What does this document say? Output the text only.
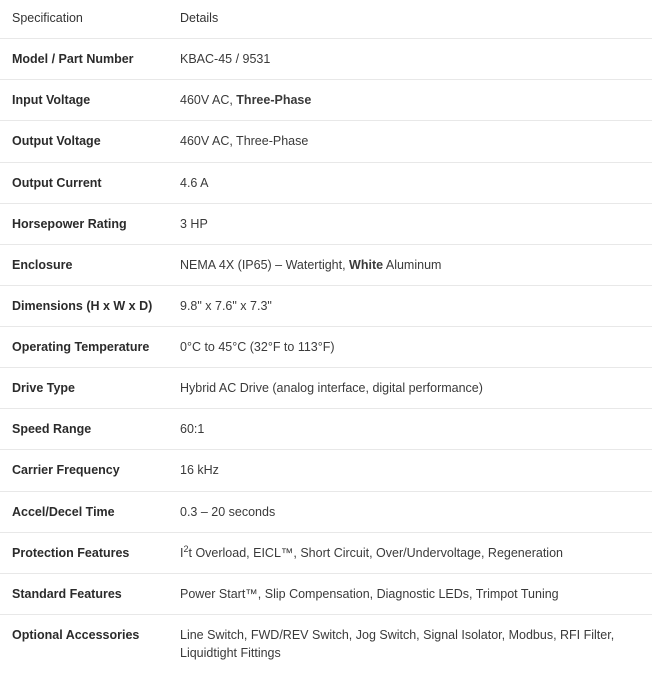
Specification	Details
Model / Part Number	KBAC-45 / 9531
Input Voltage	460V AC, Three-Phase
Output Voltage	460V AC, Three-Phase
Output Current	4.6 A
Horsepower Rating	3 HP
Enclosure	NEMA 4X (IP65) – Watertight, White Aluminum
Dimensions (H x W x D)	9.8" x 7.6" x 7.3"
Operating Temperature	0°C to 45°C (32°F to 113°F)
Drive Type	Hybrid AC Drive (analog interface, digital performance)
Speed Range	60:1
Carrier Frequency	16 kHz
Accel/Decel Time	0.3 – 20 seconds
Protection Features	$I^2t$ Overload, EICL™, Short Circuit, Over/Undervoltage, Regeneration
Standard Features	Power Start™, Slip Compensation, Diagnostic LEDs, Trimpot Tuning
Optional Accessories	Line Switch, FWD/REV Switch, Jog Switch, Signal Isolator, Modbus, RFI Filter, Liquidtight Fittings
